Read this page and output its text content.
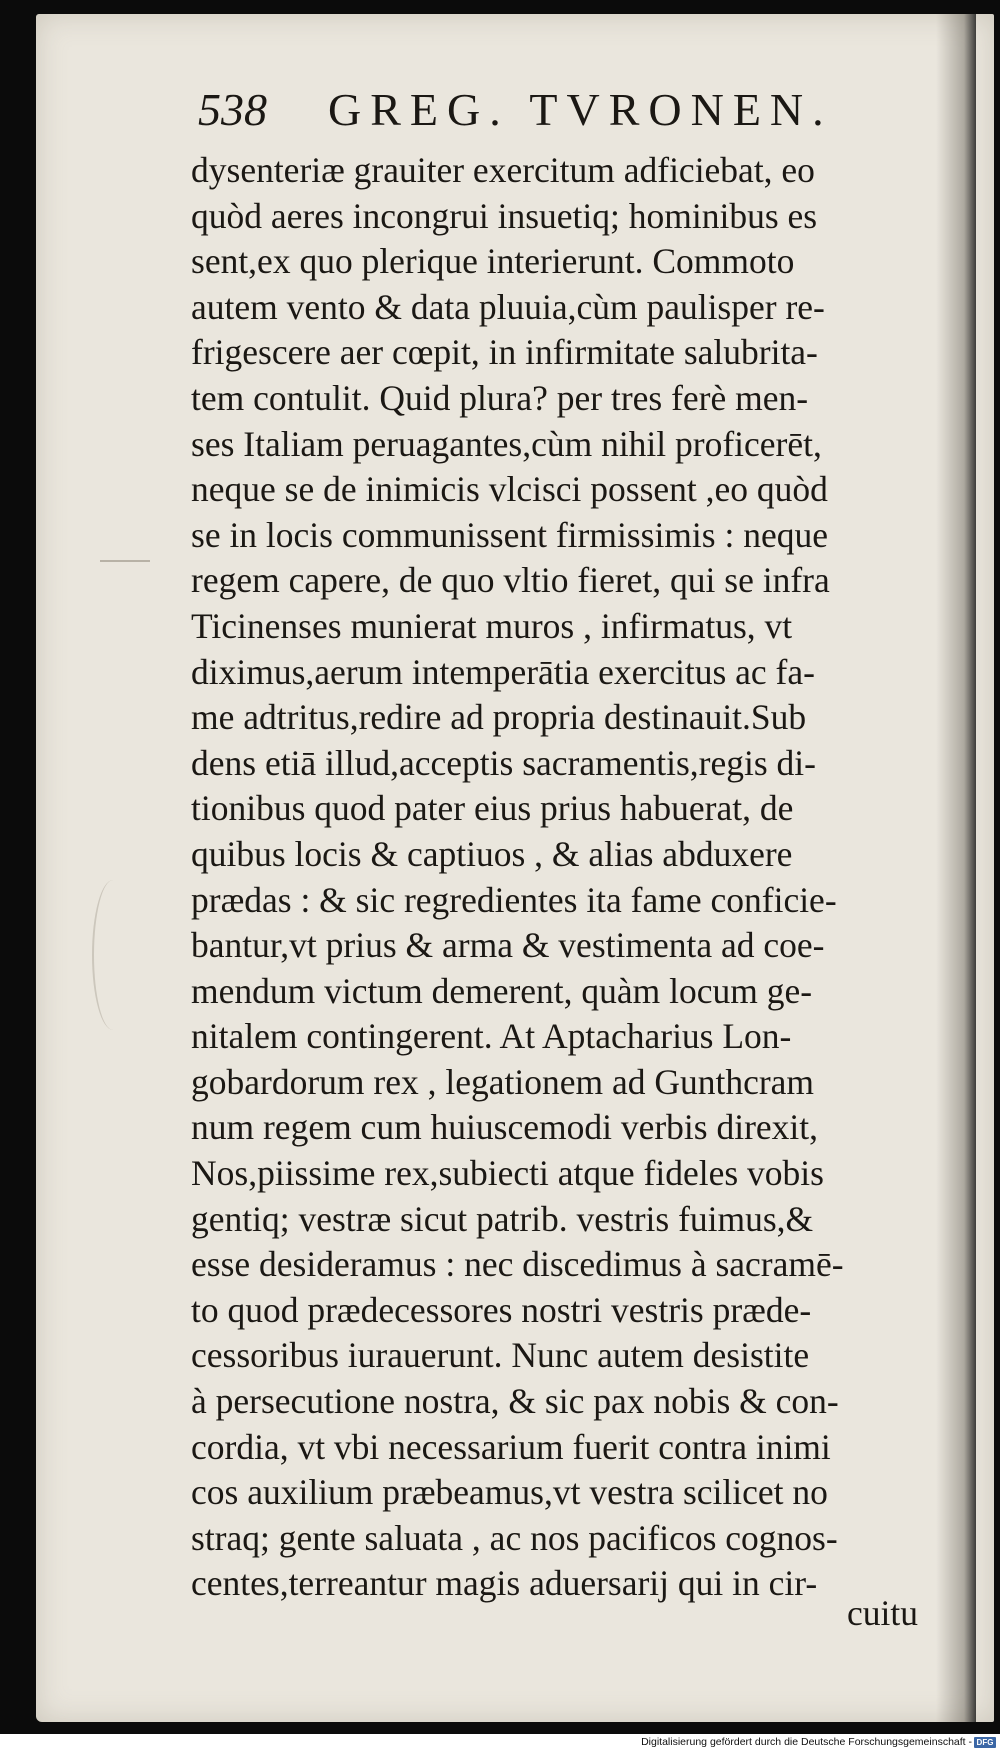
538 GREG. TVRONEN.
dysenteriæ grauiter exercitum adficiebat, eo
quòd aeres incongrui insuetiq; hominibus es
sent,ex quo plerique interierunt. Commoto
autem vento & data pluuia,cùm paulisper re-
frigescere aer cœpit, in infirmitate salubrita-
tem contulit. Quid plura? per tres ferè men-
ses Italiam peruagantes,cùm nihil proficerēt,
neque se de inimicis vlcisci possent ,eo quòd
se in locis communissent firmissimis : neque
regem capere, de quo vltio fieret, qui se infra
Ticinenses munierat muros , infirmatus, vt
diximus,aerum intemperātia exercitus ac fa-
me adtritus,redire ad propria destinauit.Sub
dens etiā illud,acceptis sacramentis,regis di-
tionibus quod pater eius prius habuerat, de
quibus locis & captiuos , & alias abduxere
prædas : & sic regredientes ita fame conficie-
bantur,vt prius & arma & vestimenta ad coe-
mendum victum demerent, quàm locum ge-
nitalem contingerent. At Aptacharius Lon-
gobardorum rex , legationem ad Gunthcram
num regem cum huiuscemodi verbis direxit,
Nos,piissime rex,subiecti atque fideles vobis
gentiq; vestræ sicut patrib. vestris fuimus,&
esse desideramus : nec discedimus à sacramē-
to quod prædecessores nostri vestris præde-
cessoribus iurauerunt. Nunc autem desistite
à persecutione nostra, & sic pax nobis & con-
cordia, vt vbi necessarium fuerit contra inimi
cos auxilium præbeamus,vt vestra scilicet no
straq; gente saluata , ac nos pacificos cognos-
centes,terreantur magis aduersarij qui in cir-
cuitu
Digitalisierung gefördert durch die Deutsche Forschungsgemeinschaft - DFG
